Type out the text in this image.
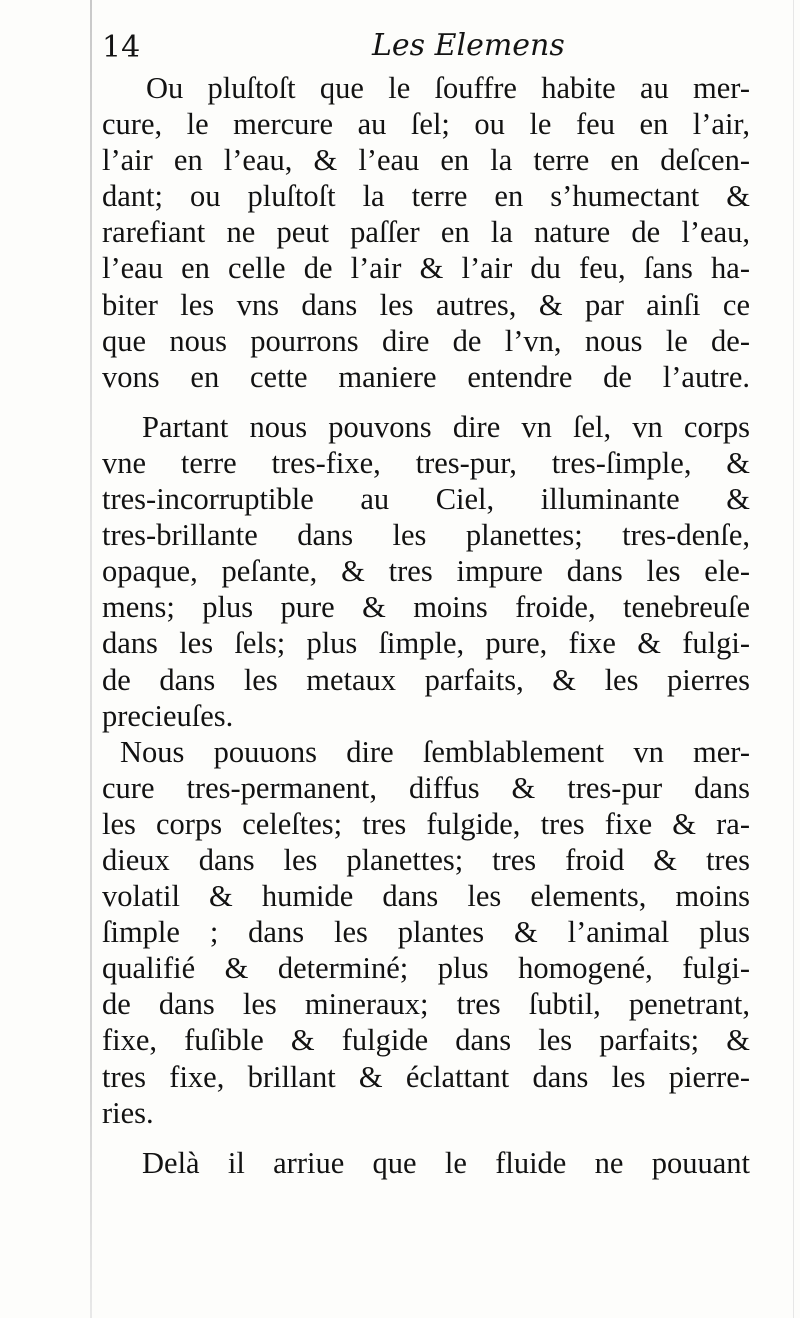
14	Les Elemens
Ou pluſtoſt que le ſouffre habite au mer-
cure, le mercure au ſel; ou le feu en l’air,
l’air en l’eau, & l’eau en la terre en deſcen-
dant; ou pluſtoſt la terre en s’humectant &
rarefiant ne peut paſſer en la nature de l’eau,
l’eau en celle de l’air & l’air du feu, ſans ha-
biter les vns dans les autres, & par ainſi ce
que nous pourrons dire de l’vn, nous le de-
vons en cette maniere entendre de l’autre.
Partant nous pouvons dire vn ſel, vn corps
vne terre tres-fixe, tres-pur, tres-ſimple, &
tres-incorruptible au Ciel, illuminante &
tres-brillante dans les planettes; tres-denſe,
opaque, peſante, & tres impure dans les ele-
mens; plus pure & moins froide, tenebreuſe
dans les ſels; plus ſimple, pure, fixe & fulgi-
de dans les metaux parfaits, & les pierres
precieuſes.
Nous pouuons dire ſemblablement vn mer-
cure tres-permanent, diffus & tres-pur dans
les corps celeſtes; tres fulgide, tres fixe & ra-
dieux dans les planettes; tres froid & tres
volatil & humide dans les elements, moins
ſimple ; dans les plantes & l’animal plus
qualifié & determiné; plus homogené, fulgi-
de dans les mineraux; tres ſubtil, penetrant,
fixe, fuſible & fulgide dans les parfaits; &
tres fixe, brillant & éclattant dans les pierre-
ries.
Delà il arriue que le fluide ne pouuant
